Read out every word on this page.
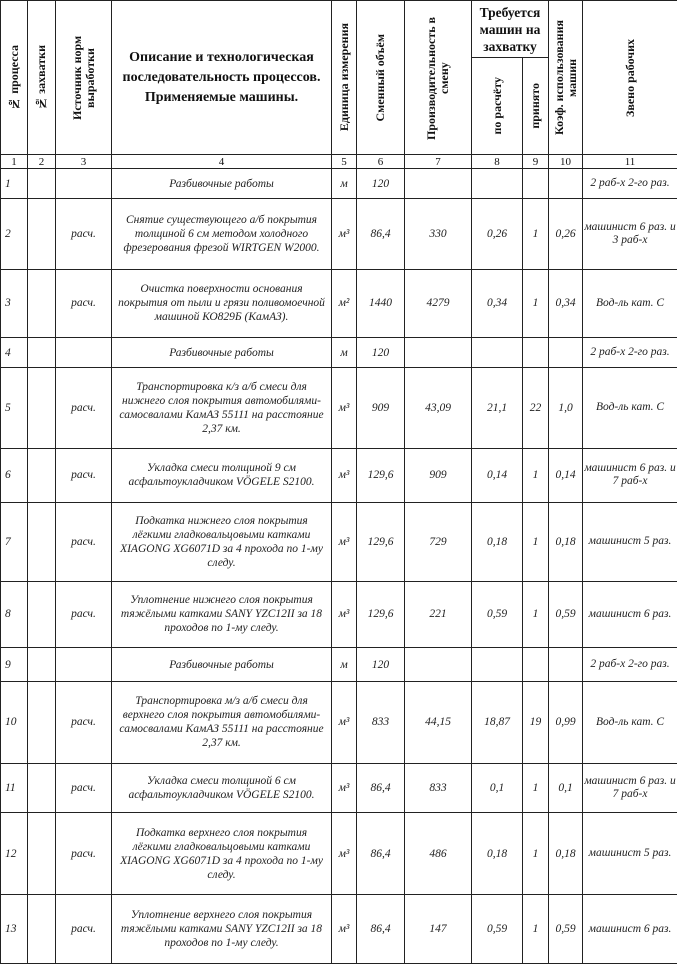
№ процесса	№ захватки	Источник норм выработки	Описание и технологическая последовательность процессов. Применяемые машины.	Единица измерения	Сменный объём	Производительность в смену	Требуется машин на захватку		Коэф. использования машин	Звено рабочих

							по расчёту	принято		

1	2	3	4	5	6	7	8	9	10	11
1			Разбивочные работы	м	120					2 раб-х 2-го раз.
2		расч.	Снятие существующего а/б покрытия толщиной 6 см методом холодного фрезерования фрезой WIRTGEN W2000.	м³	86,4	330	0,26	1	0,26	машинист 6 раз. и 3 раб-х
3		расч.	Очистка поверхности основания покрытия от пыли и грязи поливомоечной машиной КО829Б (КамАЗ).	м²	1440	4279	0,34	1	0,34	Вод-ль кат. С
4			Разбивочные работы	м	120					2 раб-х 2-го раз.
5		расч.	Транспортировка к/з а/б смеси для нижнего слоя покрытия автомобилями-самосвалами КамАЗ 55111 на расстояние 2,37 км.	м³	909	43,09	21,1	22	1,0	Вод-ль кат. С
6		расч.	Укладка смеси толщиной 9 см асфальтоукладчиком VÖGELE S2100.	м³	129,6	909	0,14	1	0,14	машинист 6 раз. и 7 раб-х
7		расч.	Подкатка нижнего слоя покрытия лёгкими гладковальцовыми катками XIAGONG XG6071D за 4 прохода по 1-му следу.	м³	129,6	729	0,18	1	0,18	машинист 5 раз.
8		расч.	Уплотнение нижнего слоя покрытия тяжёлыми катками SANY YZC12II за 18 проходов по 1-му следу.	м³	129,6	221	0,59	1	0,59	машинист 6 раз.
9			Разбивочные работы	м	120					2 раб-х 2-го раз.
10		расч.	Транспортировка м/з а/б смеси для верхнего слоя покрытия автомобилями-самосвалами КамАЗ 55111 на расстояние 2,37 км.	м³	833	44,15	18,87	19	0,99	Вод-ль кат. С
11		расч.	Укладка смеси толщиной 6 см асфальтоукладчиком VÖGELE S2100.	м³	86,4	833	0,1	1	0,1	машинист 6 раз. и 7 раб-х
12		расч.	Подкатка верхнего слоя покрытия лёгкими гладковальцовыми катками XIAGONG XG6071D за 4 прохода по 1-му следу.	м³	86,4	486	0,18	1	0,18	машинист 5 раз.
13		расч.	Уплотнение верхнего слоя покрытия тяжёлыми катками SANY YZC12II за 18 проходов по 1-му следу.	м³	86,4	147	0,59	1	0,59	машинист 6 раз.
